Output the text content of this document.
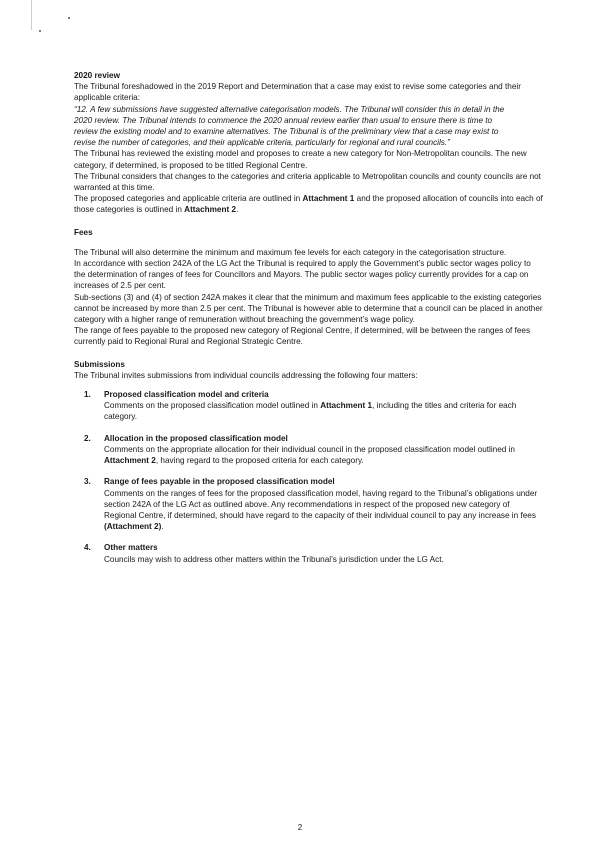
2020 review

The Tribunal foreshadowed in the 2019 Report and Determination that a case may exist to revise some categories and their applicable criteria:

“12. A few submissions have suggested alternative categorisation models. The Tribunal will consider this in detail in the 2020 review. The Tribunal intends to commence the 2020 annual review earlier than usual to ensure there is time to review the existing model and to examine alternatives. The Tribunal is of the preliminary view that a case may exist to revise the number of categories, and their applicable criteria, particularly for regional and rural councils.”

The Tribunal has reviewed the existing model and proposes to create a new category for Non-Metropolitan councils. The new category, if determined, is proposed to be titled Regional Centre.

The Tribunal considers that changes to the categories and criteria applicable to Metropolitan councils and county councils are not warranted at this time.

The proposed categories and applicable criteria are outlined in Attachment 1 and the proposed allocation of councils into each of those categories is outlined in Attachment 2.

Fees

The Tribunal will also determine the minimum and maximum fee levels for each category in the categorisation structure.

In accordance with section 242A of the LG Act the Tribunal is required to apply the Government’s public sector wages policy to the determination of ranges of fees for Councillors and Mayors. The public sector wages policy currently provides for a cap on increases of 2.5 per cent.

Sub-sections (3) and (4) of section 242A makes it clear that the minimum and maximum fees applicable to the existing categories cannot be increased by more than 2.5 per cent. The Tribunal is however able to determine that a council can be placed in another category with a higher range of remuneration without breaching the government’s wage policy.

The range of fees payable to the proposed new category of Regional Centre, if determined, will be between the ranges of fees currently paid to Regional Rural and Regional Strategic Centre.

Submissions

The Tribunal invites submissions from individual councils addressing the following four matters:

1. Proposed classification model and criteria
Comments on the proposed classification model outlined in Attachment 1, including the titles and criteria for each category.
2. Allocation in the proposed classification model
Comments on the appropriate allocation for their individual council in the proposed classification model outlined in Attachment 2, having regard to the proposed criteria for each category.
3. Range of fees payable in the proposed classification model
Comments on the ranges of fees for the proposed classification model, having regard to the Tribunal’s obligations under section 242A of the LG Act as outlined above. Any recommendations in respect of the proposed new category of Regional Centre, if determined, should have regard to the capacity of their individual council to pay any increase in fees (Attachment 2).
4. Other matters
Councils may wish to address other matters within the Tribunal’s jurisdiction under the LG Act.
2
